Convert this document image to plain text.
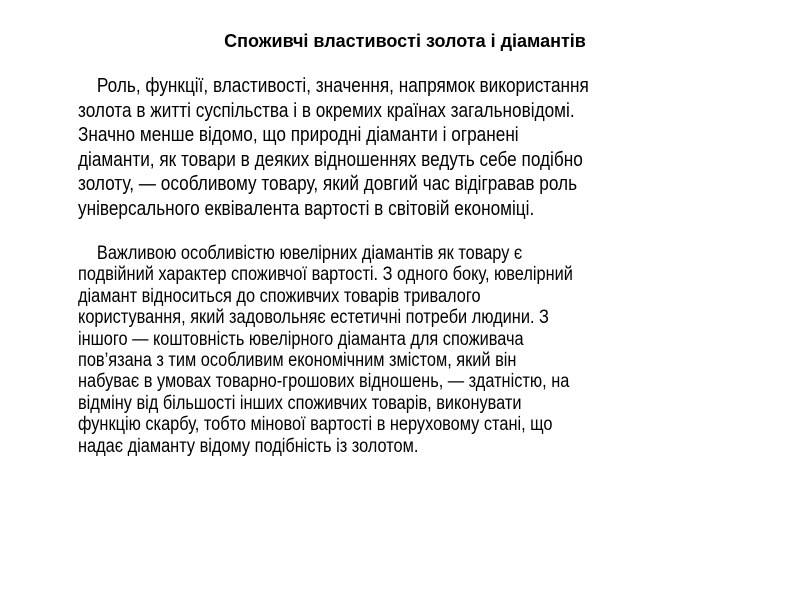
Споживчі властивості золота і діамантів
Роль, функції, властивості, значення, напрямок використання
золота в житті суспільства і в окремих країнах загальновідомі.
Значно менше відомо, що природні діаманти і огранені
діаманти, як товари в деяких відношеннях ведуть себе подібно
золоту, — особливому товару, який довгий час відігравав роль
універсального еквівалента вартості в світовій економіці.
Важливою особливістю ювелірних діамантів як товару є
подвійний характер споживчої вартості. З одного боку, ювелірний
діамант відноситься до споживчих товарів тривалого
користування, який задовольняє естетичні потреби людини. З
іншого — коштовність ювелірного діаманта для споживача
пов’язана з тим особливим економічним змістом, який він
набуває в умовах товарно-грошових відношень, — здатністю, на
відміну від більшості інших споживчих товарів, виконувати
функцію скарбу, тобто мінової вартості в неруховому стані, що
надає діаманту відому подібність із золотом.
